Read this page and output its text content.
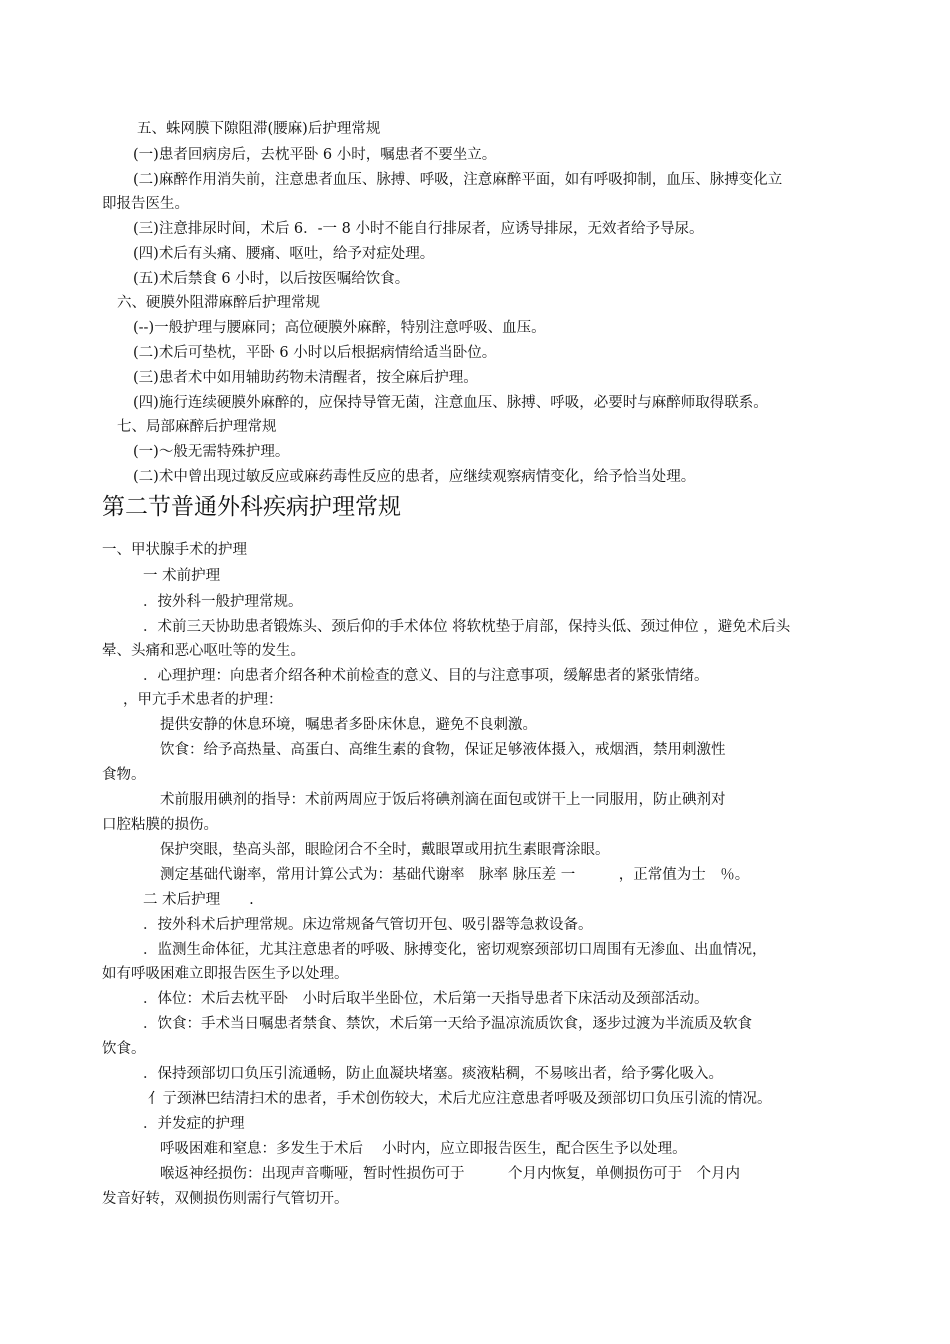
五、蛛网膜下隙阻滞(腰麻)后护理常规
(一)患者回病房后，去枕平卧 6 小时，嘱患者不要坐立。
(二)麻醉作用消失前，注意患者血压、脉搏、呼吸，注意麻醉平面，如有呼吸抑制，血压、脉搏变化立
即报告医生。
(三)注意排尿时间，术后 6．-一 8 小时不能自行排尿者，应诱导排尿，无效者给予导尿。
(四)术后有头痛、腰痛、呕吐，给予对症处理。
(五)术后禁食 6 小时，以后按医嘱给饮食。
六、硬膜外阻滞麻醉后护理常规
(--)一般护理与腰麻同；高位硬膜外麻醉，特别注意呼吸、血压。
(二)术后可垫枕，平卧 6 小时以后根据病情给适当卧位。
(三)患者术中如用辅助药物未清醒者，按全麻后护理。
(四)施行连续硬膜外麻醉的，应保持导管无菌，注意血压、脉搏、呼吸，必要时与麻醉师取得联系。
七、局部麻醉后护理常规
(一)～般无需特殊护理。
(二)术中曾出现过敏反应或麻药毒性反应的患者，应继续观察病情变化，给予恰当处理。
第二节普通外科疾病护理常规
一、甲状腺手术的护理
一 术前护理
．按外科一般护理常规。
．术前三天协助患者锻炼头、颈后仰的手术体位 将软枕垫于肩部，保持头低、颈过伸位 ，避免术后头
晕、头痛和恶心呕吐等的发生。
．心理护理：向患者介绍各种术前检查的意义、目的与注意事项，缓解患者的紧张情绪。
，甲亢手术患者的护理：
提供安静的休息环境，嘱患者多卧床休息，避免不良刺激。
饮食：给予高热量、高蛋白、高维生素的食物，保证足够液体摄入，戒烟酒，禁用刺激性
食物。
术前服用碘剂的指导：术前两周应于饭后将碘剂滴在面包或饼干上一同服用，防止碘剂对
口腔粘膜的损伤。
保护突眼，垫高头部，眼睑闭合不全时，戴眼罩或用抗生素眼膏涂眼。
测定基础代谢率，常用计算公式为：基础代谢率　脉率 脉压差 一　　　，正常值为士　％。
二 术后护理　　.
．按外科术后护理常规。床边常规备气管切开包、吸引器等急救设备。
．监测生命体征，尤其注意患者的呼吸、脉搏变化，密切观察颈部切口周围有无渗血、出血情况，
如有呼吸困难立即报告医生予以处理。
．体位：术后去枕平卧　小时后取半坐卧位，术后第一天指导患者下床活动及颈部活动。
．饮食：手术当日嘱患者禁食、禁饮，术后第一天给予温凉流质饮食，逐步过渡为半流质及软食
饮食。
．保持颈部切口负压引流通畅，防止血凝块堵塞。痰液粘稠，不易咳出者，给予雾化吸入。
亻亍颈淋巴结清扫术的患者，手术创伤较大，术后尤应注意患者呼吸及颈部切口负压引流的情况。
．并发症的护理
呼吸困难和窒息：多发生于术后　 小时内，应立即报告医生，配合医生予以处理。
喉返神经损伤：出现声音嘶哑，暂时性损伤可于　　　个月内恢复，单侧损伤可于　个月内
发音好转，双侧损伤则需行气管切开。
